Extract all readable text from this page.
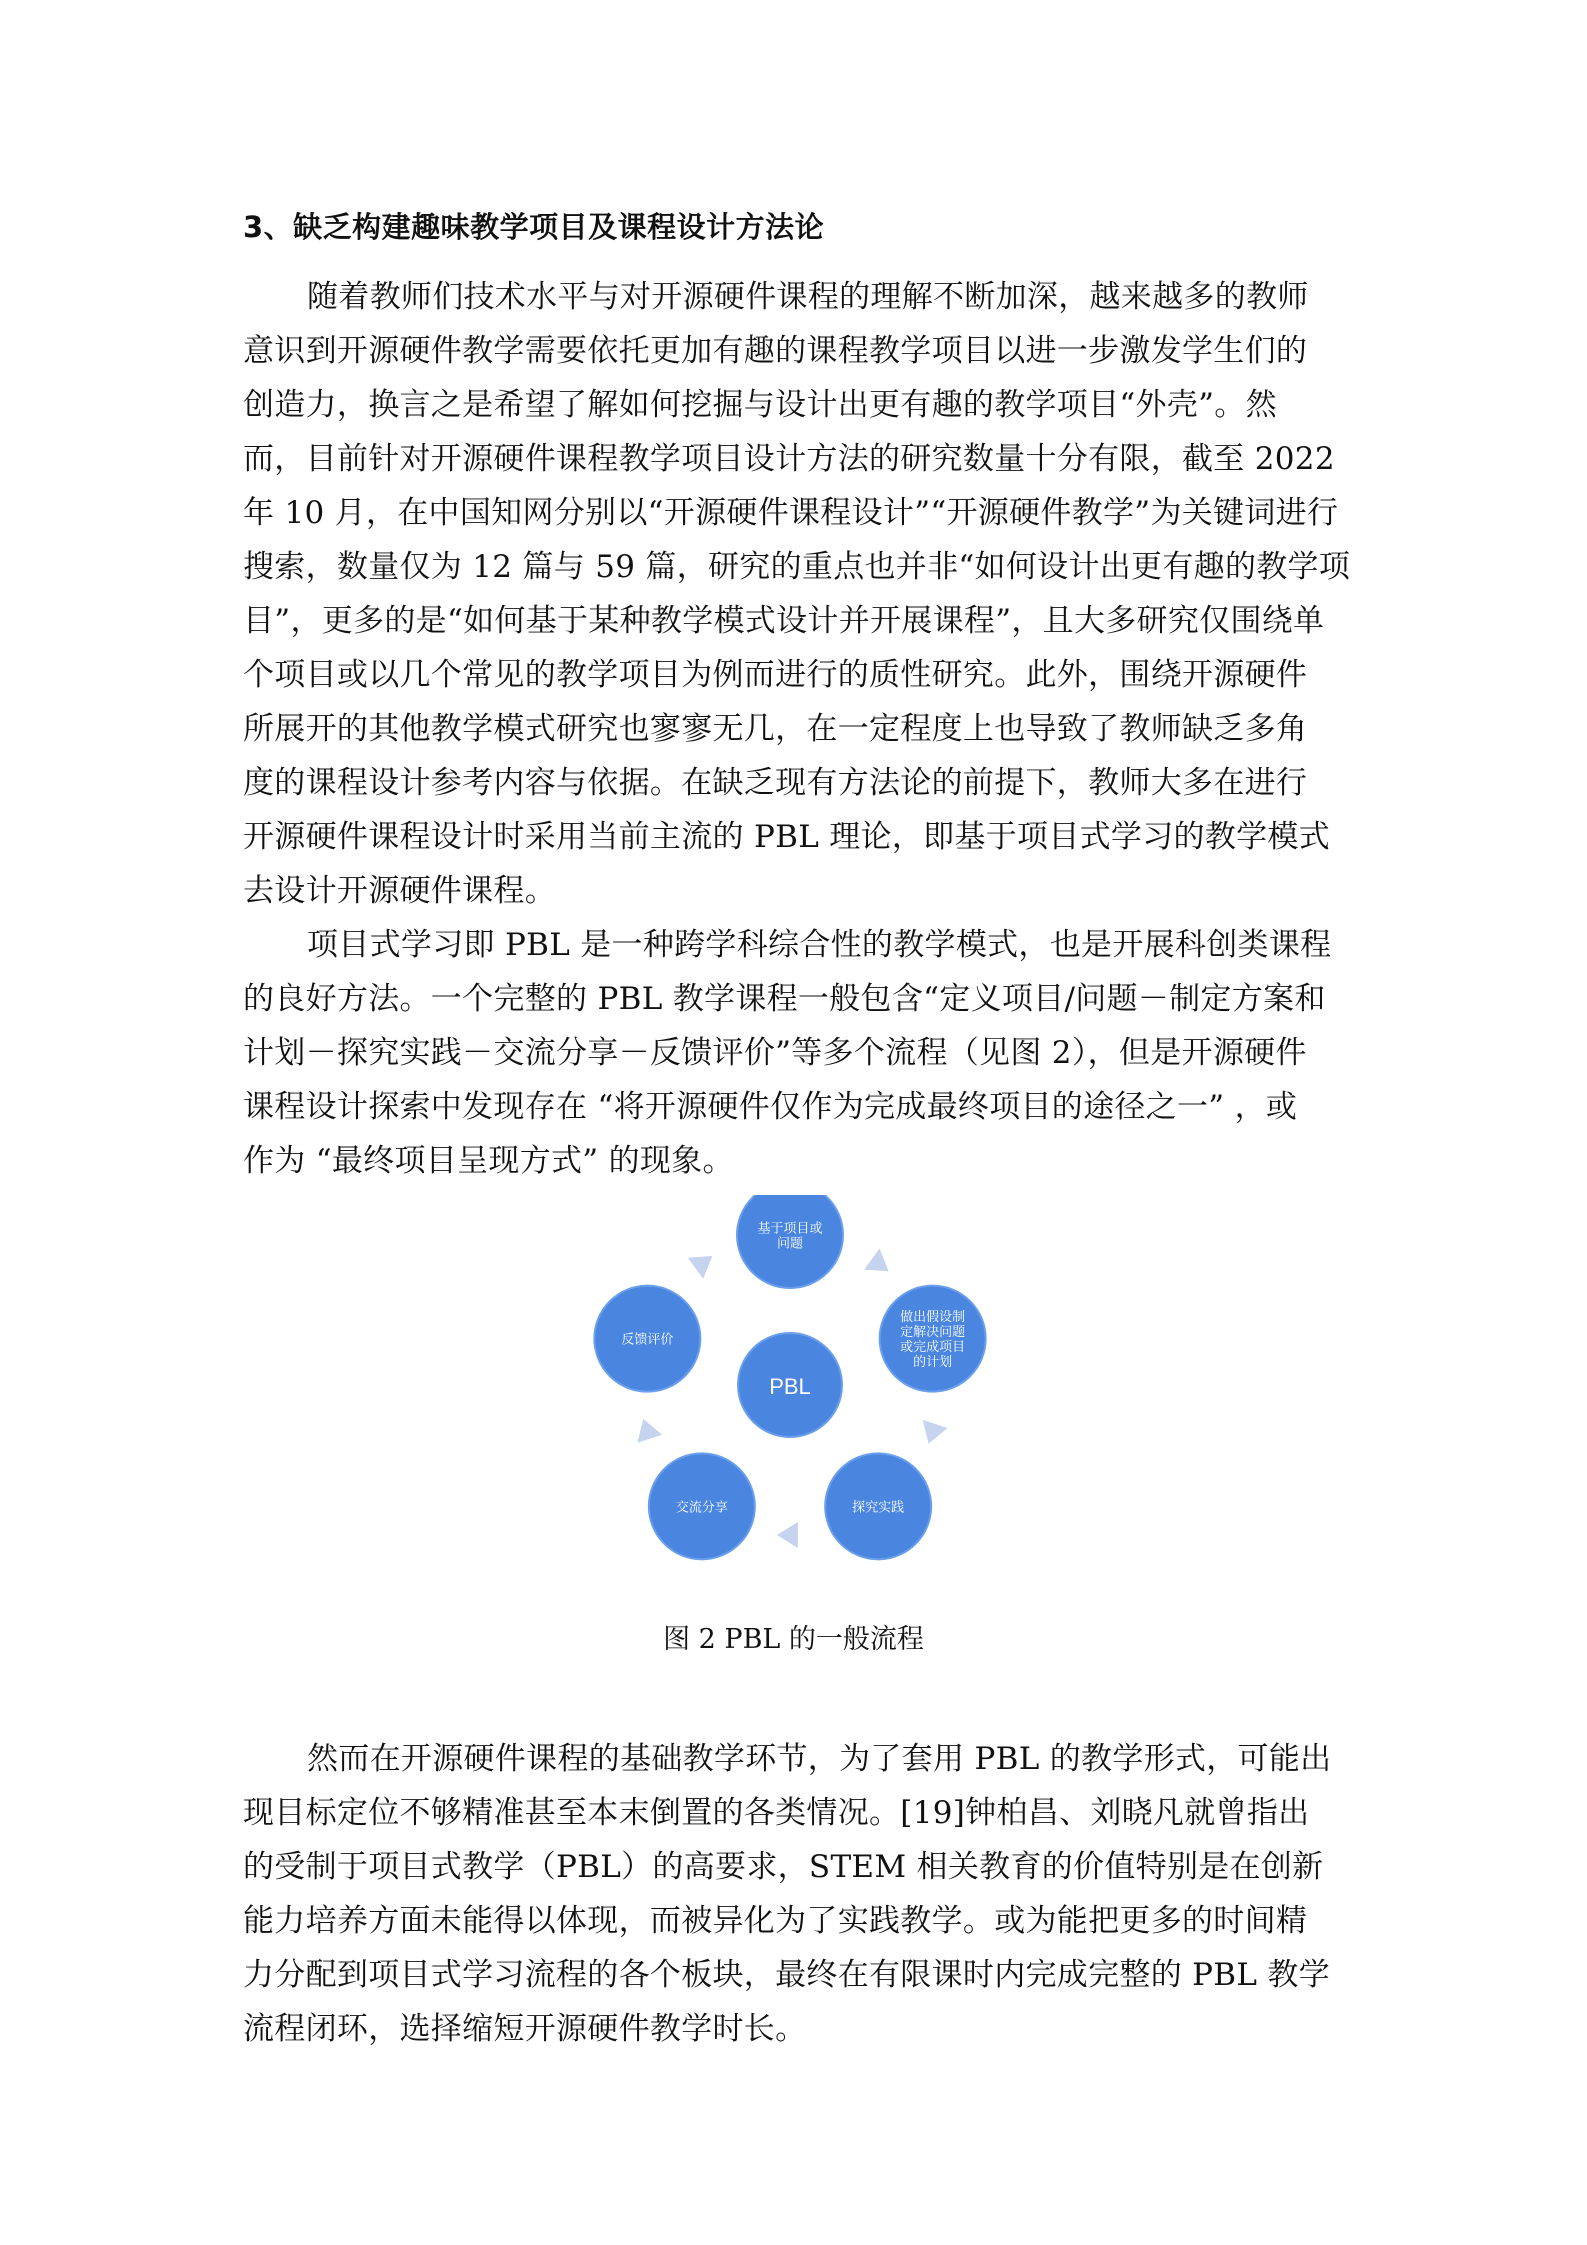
3、缺乏构建趣味教学项目及课程设计方法论
随着教师们技术水平与对开源硬件课程的理解不断加深，越来越多的教师
意识到开源硬件教学需要依托更加有趣的课程教学项目以进一步激发学生们的
创造力，换言之是希望了解如何挖掘与设计出更有趣的教学项目“外壳”。然
而，目前针对开源硬件课程教学项目设计方法的研究数量十分有限，截至 2022
年 10 月，在中国知网分别以“开源硬件课程设计”“开源硬件教学”为关键词进行
搜索，数量仅为 12 篇与 59 篇，研究的重点也并非“如何设计出更有趣的教学项
目”，更多的是“如何基于某种教学模式设计并开展课程”，且大多研究仅围绕单
个项目或以几个常见的教学项目为例而进行的质性研究。此外，围绕开源硬件
所展开的其他教学模式研究也寥寥无几，在一定程度上也导致了教师缺乏多角
度的课程设计参考内容与依据。在缺乏现有方法论的前提下，教师大多在进行
开源硬件课程设计时采用当前主流的 PBL 理论，即基于项目式学习的教学模式
去设计开源硬件课程。
项目式学习即 PBL 是一种跨学科综合性的教学模式，也是开展科创类课程
的良好方法。一个完整的 PBL 教学课程一般包含“定义项目/问题－制定方案和
计划－探究实践－交流分享－反馈评价”等多个流程（见图 2），但是开源硬件
课程设计探索中发现存在 “将开源硬件仅作为完成最终项目的途径之一” ，或
作为 “最终项目呈现方式” 的现象。
基于项目或
问题
做出假设制
定解决问题
或完成项目
的计划
探究实践
交流分享
反馈评价
PBL
图 2 PBL 的一般流程
然而在开源硬件课程的基础教学环节，为了套用 PBL 的教学形式，可能出
现目标定位不够精准甚至本末倒置的各类情况。[19]钟柏昌、刘晓凡就曾指出
的受制于项目式教学（PBL）的高要求，STEM 相关教育的价值特别是在创新
能力培养方面未能得以体现，而被异化为了实践教学。或为能把更多的时间精
力分配到项目式学习流程的各个板块，最终在有限课时内完成完整的 PBL 教学
流程闭环，选择缩短开源硬件教学时长。
